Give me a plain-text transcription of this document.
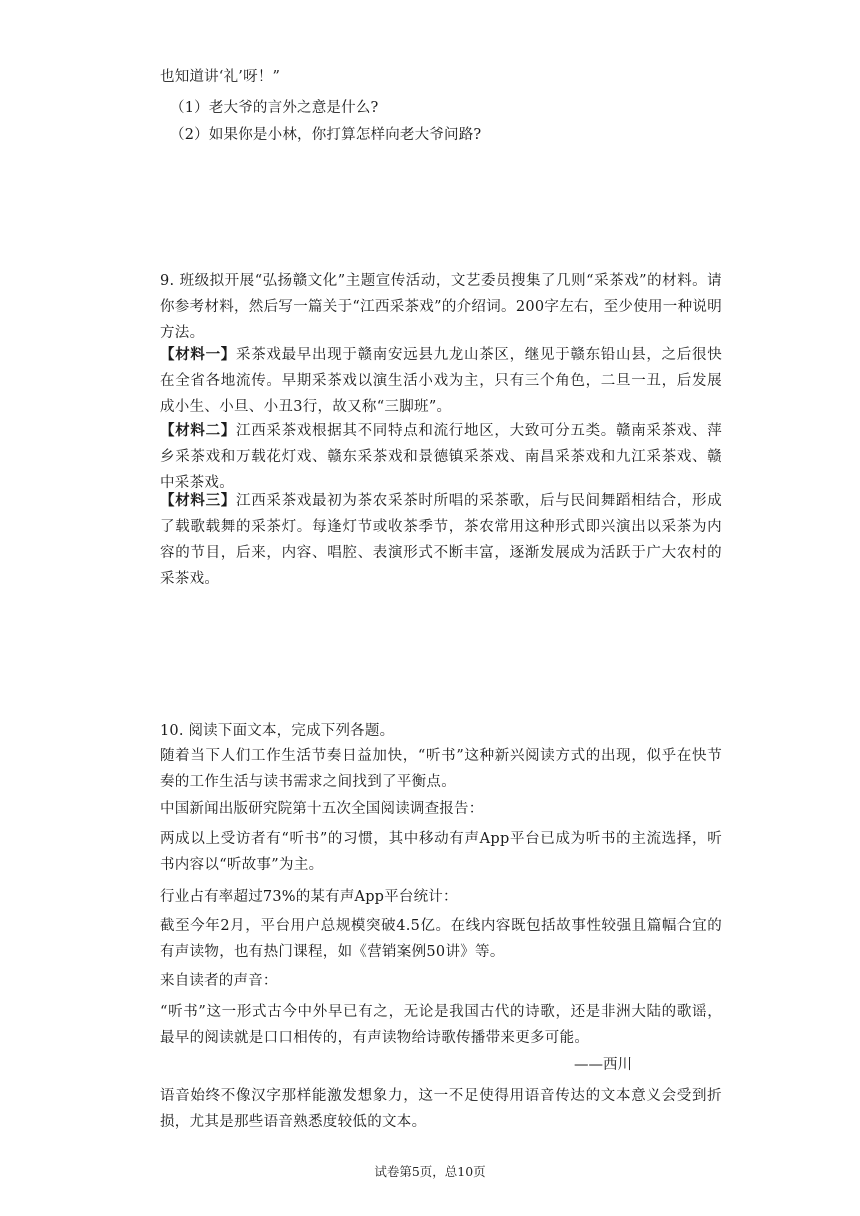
也知道讲‘礼’呀！”
（1）老大爷的言外之意是什么?
（2）如果你是小林，你打算怎样向老大爷问路?
9. 班级拟开展“弘扬赣文化”主题宣传活动，文艺委员搜集了几则“采茶戏”的材料。请你参考材料，然后写一篇关于“江西采茶戏”的介绍词。200字左右，至少使用一种说明方法。
【材料一】采茶戏最早出现于赣南安远县九龙山茶区，继见于赣东铅山县，之后很快在全省各地流传。早期采茶戏以演生活小戏为主，只有三个角色，二旦一丑，后发展成小生、小旦、小丑3行，故又称“三脚班”。
【材料二】江西采茶戏根据其不同特点和流行地区，大致可分五类。赣南采茶戏、萍乡采茶戏和万载花灯戏、赣东采茶戏和景德镇采茶戏、南昌采茶戏和九江采茶戏、赣中采茶戏。
【材料三】江西采茶戏最初为茶农采茶时所唱的采茶歌，后与民间舞蹈相结合，形成了载歌载舞的采茶灯。每逢灯节或收茶季节，茶农常用这种形式即兴演出以采茶为内容的节目，后来，内容、唱腔、表演形式不断丰富，逐渐发展成为活跃于广大农村的采茶戏。
10. 阅读下面文本，完成下列各题。
随着当下人们工作生活节奏日益加快，“听书”这种新兴阅读方式的出现，似乎在快节奏的工作生活与读书需求之间找到了平衡点。
中国新闻出版研究院第十五次全国阅读调查报告：
两成以上受访者有“听书”的习惯，其中移动有声App平台已成为听书的主流选择，听书内容以“听故事”为主。
行业占有率超过73%的某有声App平台统计：
截至今年2月，平台用户总规模突破4.5亿。在线内容既包括故事性较强且篇幅合宜的有声读物，也有热门课程，如《营销案例50讲》等。
来自读者的声音：
“听书”这一形式古今中外早已有之，无论是我国古代的诗歌，还是非洲大陆的歌谣，最早的阅读就是口口相传的，有声读物给诗歌传播带来更多可能。
——西川
语音始终不像汉字那样能激发想象力，这一不足使得用语音传达的文本意义会受到折损，尤其是那些语音熟悉度较低的文本。
试卷第5页，总10页
